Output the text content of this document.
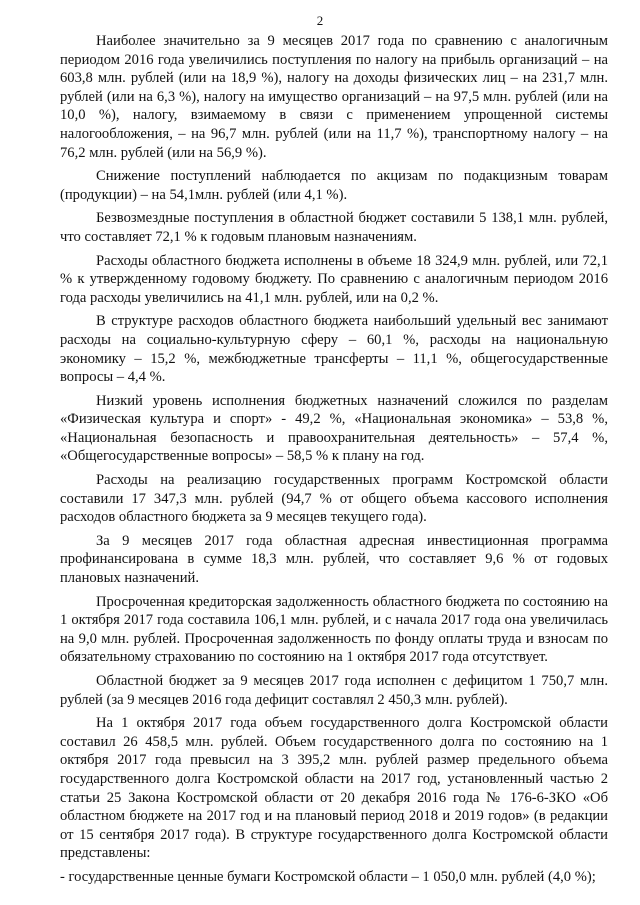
2

Наиболее значительно за 9 месяцев 2017 года по сравнению с аналогичным периодом 2016 года увеличились поступления по налогу на прибыль организаций – на 603,8 млн. рублей (или на 18,9 %), налогу на доходы физических лиц – на 231,7 млн. рублей (или на 6,3 %), налогу на имущество организаций – на 97,5 млн. рублей (или на 10,0 %), налогу, взимаемому в связи с применением упрощенной системы налогообложения, – на 96,7 млн. рублей (или на 11,7 %), транспортному налогу – на 76,2 млн. рублей (или на 56,9 %).

Снижение поступлений наблюдается по акцизам по подакцизным товарам (продукции) – на 54,1млн. рублей (или 4,1 %).

Безвозмездные поступления в областной бюджет составили 5 138,1 млн. рублей, что составляет 72,1 % к годовым плановым назначениям.

Расходы областного бюджета исполнены в объеме 18 324,9 млн. рублей, или 72,1 % к утвержденному годовому бюджету. По сравнению с аналогичным периодом 2016 года расходы увеличились на 41,1 млн. рублей, или на 0,2 %.

В структуре расходов областного бюджета наибольший удельный вес занимают расходы на социально-культурную сферу – 60,1 %, расходы на национальную экономику – 15,2 %, межбюджетные трансферты – 11,1 %, общегосударственные вопросы – 4,4 %.

Низкий уровень исполнения бюджетных назначений сложился по разделам «Физическая культура и спорт» - 49,2 %, «Национальная экономика» – 53,8 %, «Национальная безопасность и правоохранительная деятельность» – 57,4 %, «Общегосударственные вопросы» – 58,5 % к плану на год.

Расходы на реализацию государственных программ Костромской области составили 17 347,3 млн. рублей (94,7 % от общего объема кассового исполнения расходов областного бюджета за 9 месяцев текущего года).

За 9 месяцев 2017 года областная адресная инвестиционная программа профинансирована в сумме 18,3 млн. рублей, что составляет 9,6 % от годовых плановых назначений.

Просроченная кредиторская задолженность областного бюджета по состоянию на 1 октября 2017 года составила 106,1 млн. рублей, и с начала 2017 года она увеличилась на 9,0 млн. рублей. Просроченная задолженность по фонду оплаты труда и взносам по обязательному страхованию по состоянию на 1 октября 2017 года отсутствует.

Областной бюджет за 9 месяцев 2017 года исполнен с дефицитом 1 750,7 млн. рублей (за 9 месяцев 2016 года дефицит составлял 2 450,3 млн. рублей).

На 1 октября 2017 года объем государственного долга Костромской области составил 26 458,5 млн. рублей. Объем государственного долга по состоянию на 1 октября 2017 года превысил на 3 395,2 млн. рублей размер предельного объема государственного долга Костромской области на 2017 год, установленный частью 2 статьи 25 Закона Костромской области от 20 декабря 2016 года № 176-6-ЗКО «Об областном бюджете на 2017 год и на плановый период 2018 и 2019 годов» (в редакции от 15 сентября 2017 года). В структуре государственного долга Костромской области представлены:

- государственные ценные бумаги Костромской области – 1 050,0 млн. рублей (4,0 %);
